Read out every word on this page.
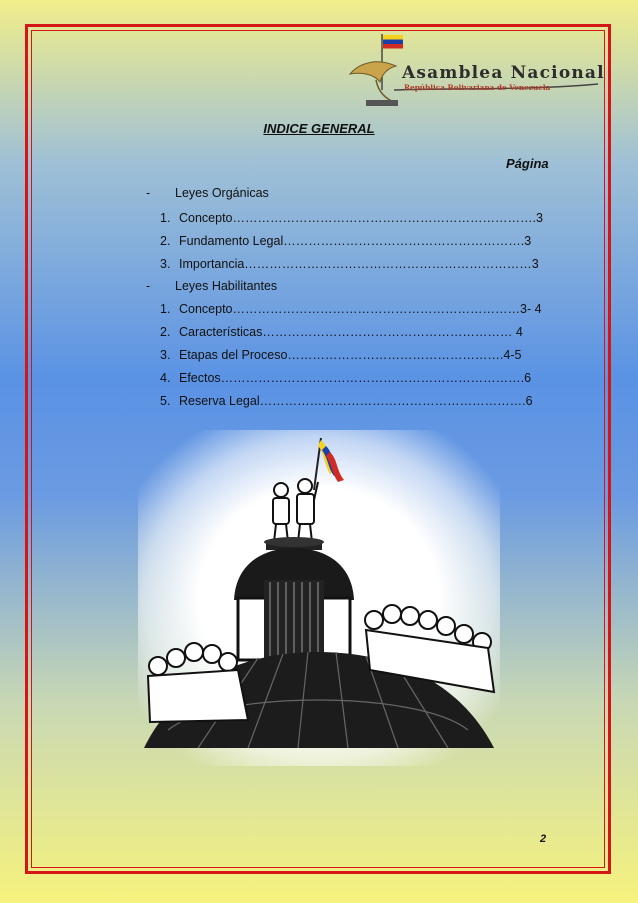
Asamblea Nacional
República Bolivariana de Venezuela
INDICE GENERAL
Página
- Leyes Orgánicas
1. Concepto……………………………………………………………….3
2. Fundamento Legal………………………………………………….3
3. Importancia……………………………………………………………3
- Leyes Habilitantes
1. Concepto……………………………………………………………3- 4
2. Características…………………………………………………… 4
3. Etapas del Proceso…………………………………………….4-5
4. Efectos……………………………………………………………….6
5. Reserva Legal……………………………………………………….6
2
